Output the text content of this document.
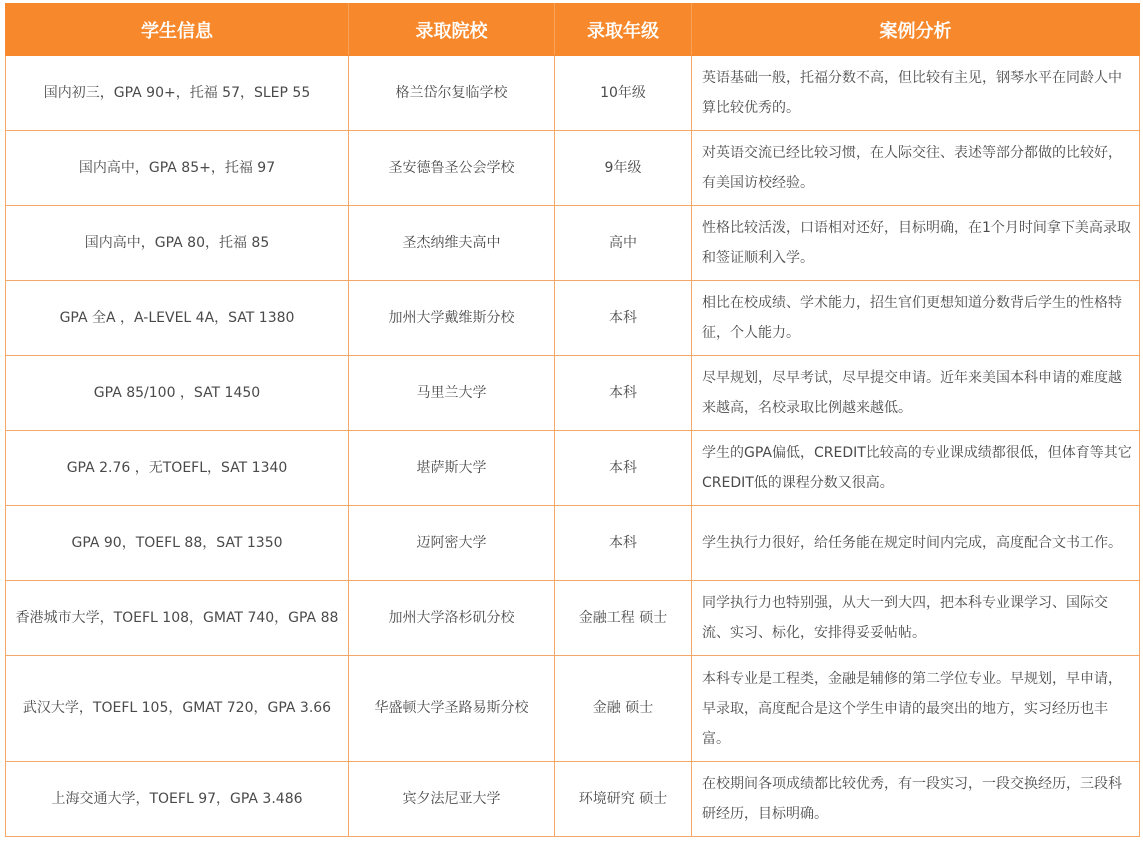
学生信息	录取院校	录取年级	案例分析
国内初三，GPA 90+，托福 57，SLEP 55	格兰岱尔复临学校	10年级	英语基础一般，托福分数不高，但比较有主见，钢琴水平在同龄人中算比较优秀的。
国内高中，GPA 85+，托福 97	圣安德鲁圣公会学校	9年级	对英语交流已经比较习惯，在人际交往、表述等部分都做的比较好，有美国访校经验。
国内高中，GPA 80，托福 85	圣杰纳维夫高中	高中	性格比较活泼，口语相对还好，目标明确，在1个月时间拿下美高录取和签证顺利入学。
GPA 全A ，A-LEVEL 4A，SAT 1380	加州大学戴维斯分校	本科	相比在校成绩、学术能力，招生官们更想知道分数背后学生的性格特征，个人能力。
GPA 85/100 ，SAT 1450	马里兰大学	本科	尽早规划，尽早考试，尽早提交申请。近年来美国本科申请的难度越来越高，名校录取比例越来越低。
GPA 2.76 ，无TOEFL，SAT 1340	堪萨斯大学	本科	学生的GPA偏低，CREDIT比较高的专业课成绩都很低，但体育等其它CREDIT低的课程分数又很高。
GPA 90，TOEFL 88，SAT 1350	迈阿密大学	本科	学生执行力很好，给任务能在规定时间内完成，高度配合文书工作。
香港城市大学，TOEFL 108，GMAT 740，GPA 88	加州大学洛杉矶分校	金融工程 硕士	同学执行力也特别强，从大一到大四，把本科专业课学习、国际交流、实习、标化，安排得妥妥帖帖。
武汉大学，TOEFL 105，GMAT 720，GPA 3.66	华盛顿大学圣路易斯分校	金融 硕士	本科专业是工程类，金融是辅修的第二学位专业。早规划，早申请，早录取，高度配合是这个学生申请的最突出的地方，实习经历也丰富。
上海交通大学，TOEFL 97，GPA 3.486	宾夕法尼亚大学	环境研究 硕士	在校期间各项成绩都比较优秀，有一段实习，一段交换经历，三段科研经历，目标明确。
